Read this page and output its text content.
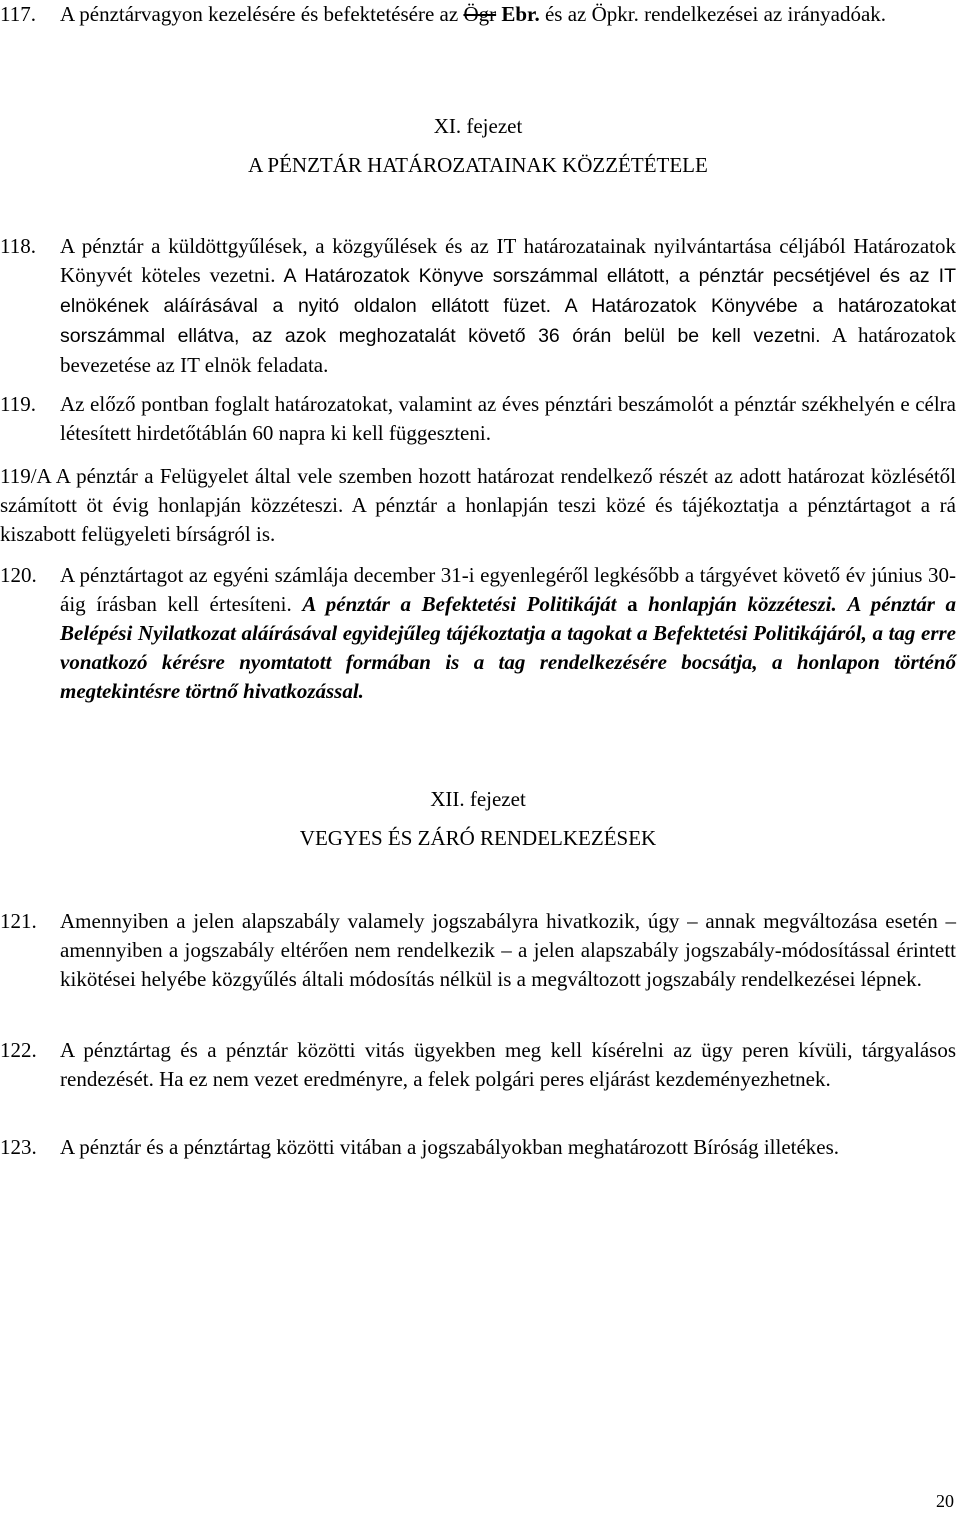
117. A pénztárvagyon kezelésére és befektetésére az Ögr Ebr. és az Öpkr. rendelkezései az irányadóak.
XI. fejezet
A PÉNZTÁR HATÁROZATAINAK KÖZZÉTÉTELE
118. A pénztár a küldöttgyűlések, a közgyűlések és az IT határozatainak nyilvántartása céljából Határozatok Könyvét köteles vezetni. A Határozatok Könyve sorszámmal ellátott, a pénztár pecsétjével és az IT elnökének aláírásával a nyitó oldalon ellátott füzet. A Határozatok Könyvébe a határozatokat sorszámmal ellátva, az azok meghozatalát követő 36 órán belül be kell vezetni. A határozatok bevezetése az IT elnök feladata.
119. Az előző pontban foglalt határozatokat, valamint az éves pénztári beszámolót a pénztár székhelyén e célra létesített hirdetőtáblán 60 napra ki kell függeszteni.
119/A A pénztár a Felügyelet által vele szemben hozott határozat rendelkező részét az adott határozat közlésétől számított öt évig honlapján közzéteszi. A pénztár a honlapján teszi közé és tájékoztatja a pénztártagot a rá kiszabott felügyeleti bírságról is.
120. A pénztártagot az egyéni számlája december 31-i egyenlegéről legkésőbb a tárgyévet követő év június 30-áig írásban kell értesíteni. A pénztár a Befektetési Politikáját a honlapján közzéteszi. A pénztár a Belépési Nyilatkozat aláírásával egyidejűleg tájékoztatja a tagokat a Befektetési Politikájáról, a tag erre vonatkozó kérésre nyomtatott formában is a tag rendelkezésére bocsátja, a honlapon történő megtekintésre törtnő hivatkozással.
XII. fejezet
VEGYES ÉS ZÁRÓ RENDELKEZÉSEK
121. Amennyiben a jelen alapszabály valamely jogszabályra hivatkozik, úgy – annak megváltozása esetén – amennyiben a jogszabály eltérően nem rendelkezik – a jelen alapszabály jogszabály-módosítással érintett kikötései helyébe közgyűlés általi módosítás nélkül is a megváltozott jogszabály rendelkezései lépnek.
122. A pénztártag és a pénztár közötti vitás ügyekben meg kell kísérelni az ügy peren kívüli, tárgyalásos rendezését. Ha ez nem vezet eredményre, a felek polgári peres eljárást kezdeményezhetnek.
123. A pénztár és a pénztártag közötti vitában a jogszabályokban meghatározott Bíróság illetékes.
20
